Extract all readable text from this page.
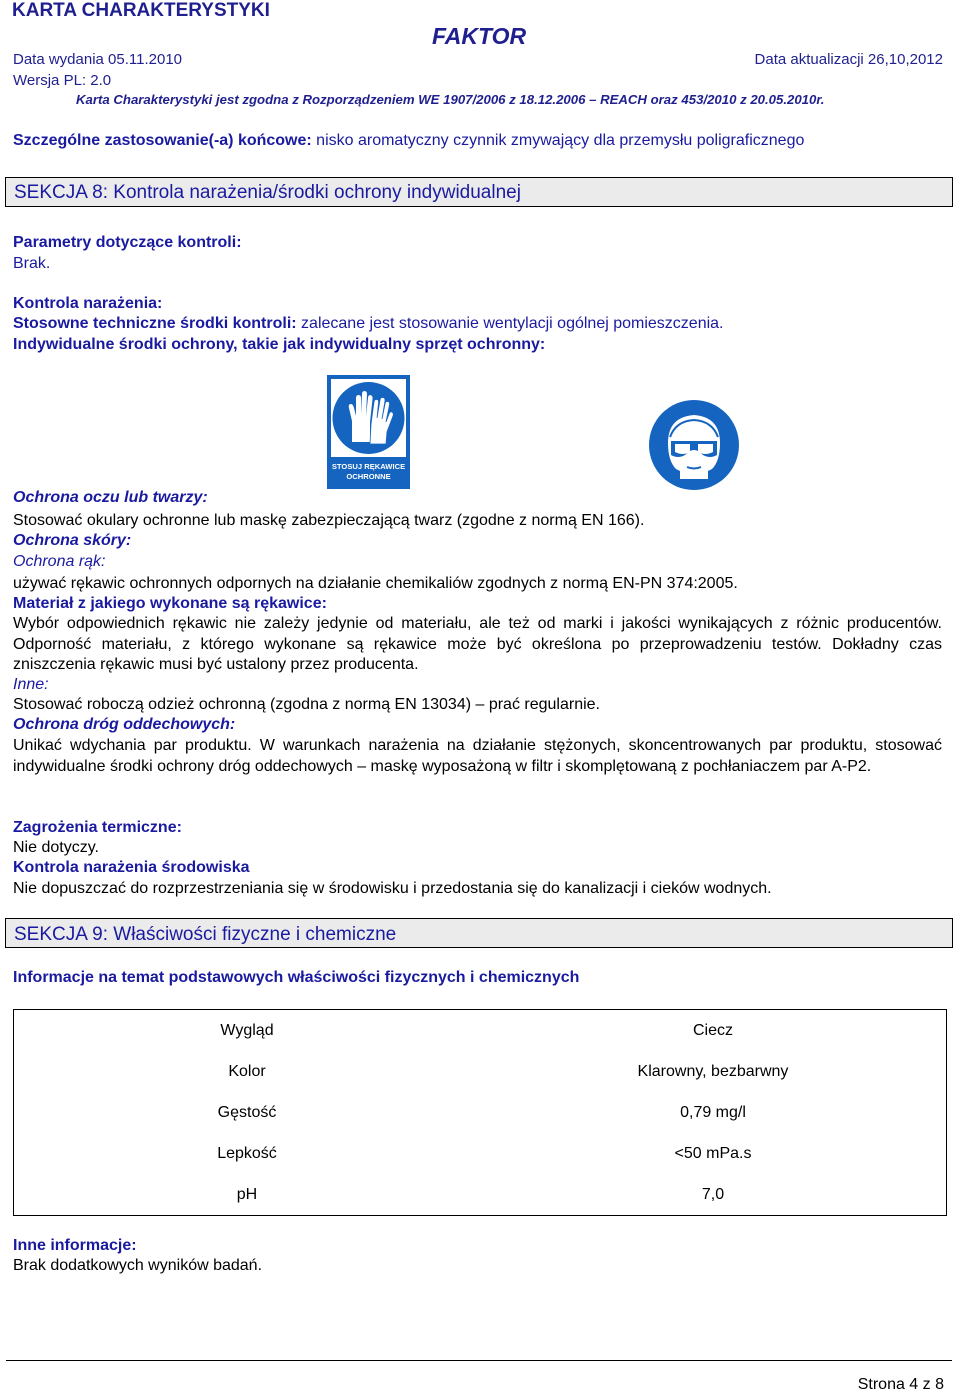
KARTA CHARAKTERYSTYKI
FAKTOR
Data wydania 05.11.2010	Data aktualizacji 26,10,2012
Wersja PL: 2.0
Karta Charakterystyki jest zgodna z Rozporządzeniem WE 1907/2006 z 18.12.2006 – REACH oraz 453/2010 z 20.05.2010r.
Szczególne zastosowanie(-a) końcowe: nisko aromatyczny czynnik zmywający dla przemysłu poligraficznego
SEKCJA 8: Kontrola narażenia/środki ochrony indywidualnej
Parametry dotyczące kontroli:
Brak.
Kontrola narażenia:
Stosowne techniczne środki kontroli: zalecane jest stosowanie wentylacji ogólnej pomieszczenia.
Indywidualne środki ochrony, takie jak indywidualny sprzęt ochronny:
STOSUJ RĘKAWICE
OCHRONNE
Ochrona oczu lub twarzy:
Stosować okulary ochronne lub maskę zabezpieczającą twarz (zgodne z normą EN 166).
Ochrona skóry:
Ochrona rąk:
używać rękawic ochronnych odpornych na działanie chemikaliów zgodnych z normą EN-PN 374:2005.
Materiał z jakiego wykonane są rękawice:
Wybór odpowiednich rękawic nie zależy jedynie od materiału, ale też od marki i jakości wynikających z różnic producentów. Odporność materiału, z którego wykonane są rękawice może być określona po przeprowadzeniu testów. Dokładny czas zniszczenia rękawic musi być ustalony przez producenta.
Inne:
Stosować roboczą odzież ochronną (zgodna z normą EN 13034) – prać regularnie.
Ochrona dróg oddechowych:
Unikać wdychania par produktu. W warunkach narażenia na działanie stężonych, skoncentrowanych par produktu, stosować indywidualne środki ochrony dróg oddechowych – maskę wyposażoną w filtr i skomplętowaną z pochłaniaczem par A-P2.
Zagrożenia termiczne:
Nie dotyczy.
Kontrola narażenia środowiska
Nie dopuszczać do rozprzestrzeniania się w środowisku i przedostania się do kanalizacji i cieków wodnych.
SEKCJA 9: Właściwości fizyczne i chemiczne
Informacje na temat podstawowych właściwości fizycznych i chemicznych
Wygląd	Ciecz
Kolor	Klarowny, bezbarwny
Gęstość	0,79 mg/l
Lepkość	<50 mPa.s
pH	7,0
Inne informacje:
Brak dodatkowych wyników badań.
Strona 4 z 8
